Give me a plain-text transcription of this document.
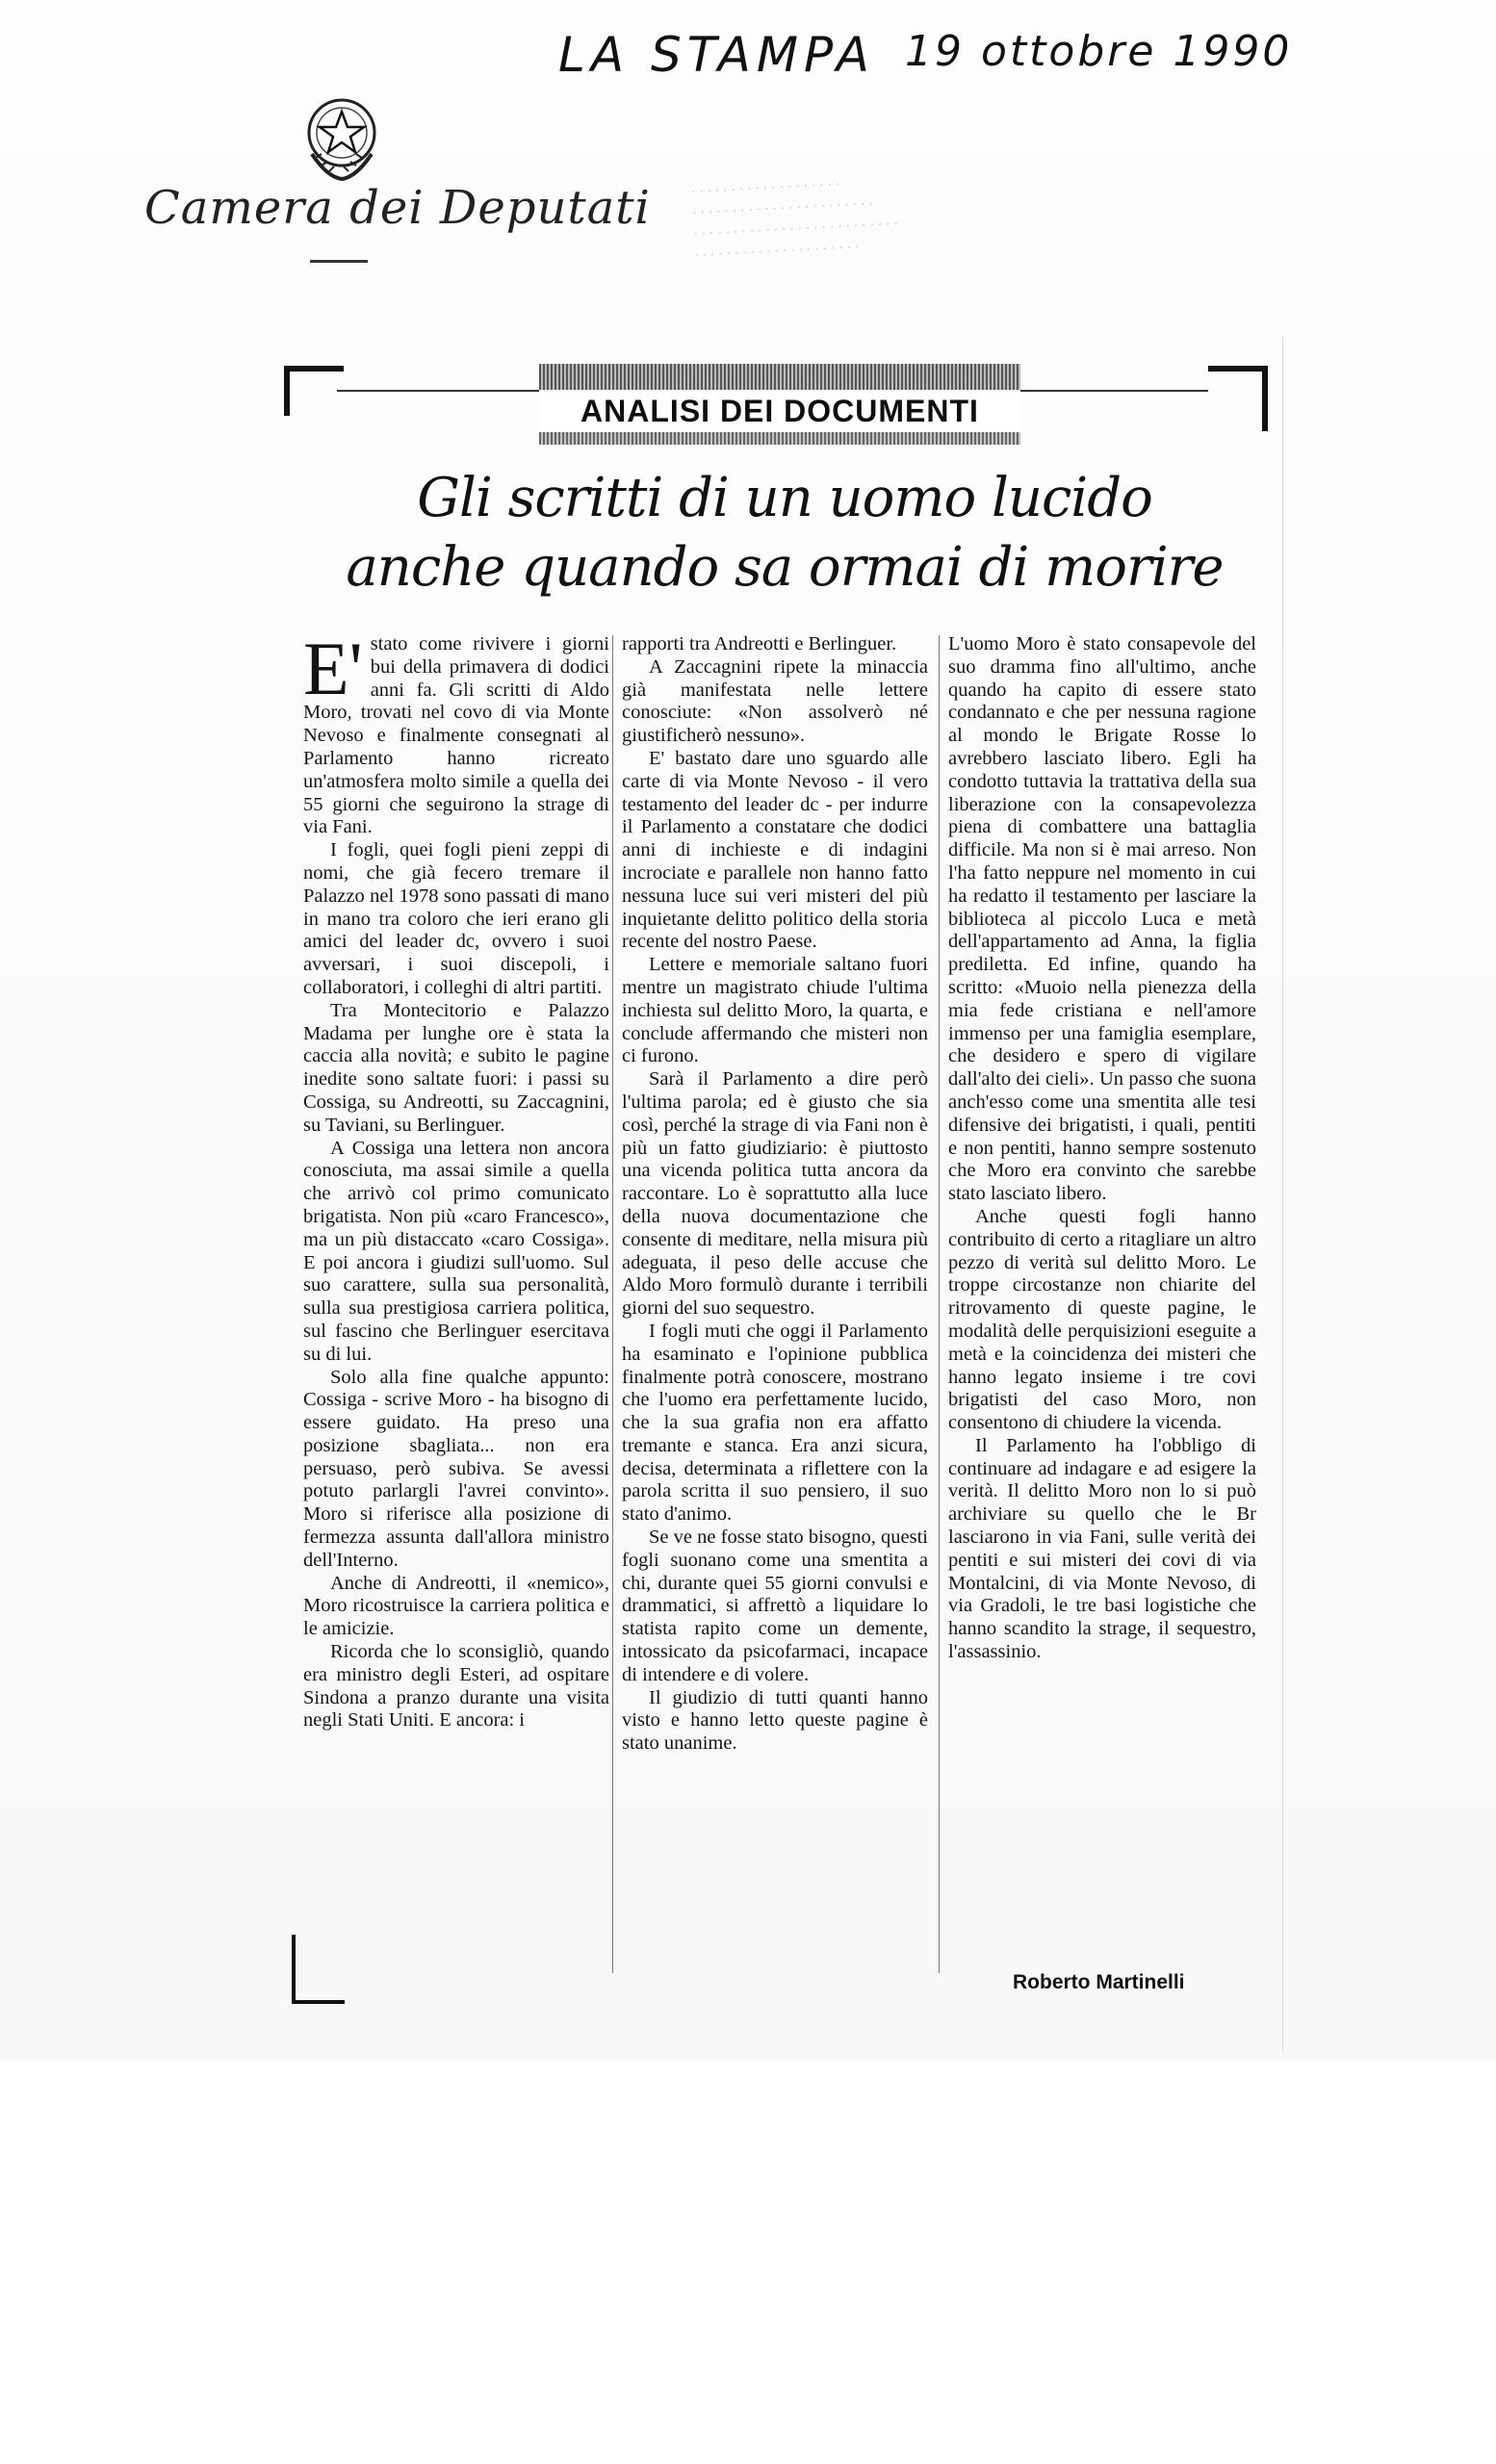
LA STAMPA 19 ottobre 1990
Camera dei Deputati	. . . . . . . . . . . . . . . . . . .
. . . . . . . . . . . . . . . . . . . . . . .
. . . . . . . . . . . . . . . . . . . . . . . . . .
. . . . . . . . . . . . . . . . . . . . .
ANALISI DEI DOCUMENTI
Gli scritti di un uomo lucido
anche quando sa ormai di morire

E' stato come rivivere i giorni bui della primavera di dodici anni fa. Gli scritti di Aldo Moro, trovati nel covo di via Monte Nevoso e finalmente consegnati al Parlamento hanno ricreato un'atmosfera molto simile a quella dei 55 giorni che seguirono la strage di via Fani.

I fogli, quei fogli pieni zeppi di nomi, che già fecero tremare il Palazzo nel 1978 sono passati di mano in mano tra coloro che ieri erano gli amici del leader dc, ovvero i suoi avversari, i suoi discepoli, i collaboratori, i colleghi di altri partiti.

Tra Montecitorio e Palazzo Madama per lunghe ore è stata la caccia alla novità; e subito le pagine inedite sono saltate fuori: i passi su Cossiga, su Andreotti, su Zaccagnini, su Taviani, su Berlinguer.

A Cossiga una lettera non ancora conosciuta, ma assai simile a quella che arrivò col primo comunicato brigatista. Non più «caro Francesco», ma un più distaccato «caro Cossiga». E poi ancora i giudizi sull'uomo. Sul suo carattere, sulla sua personalità, sulla sua prestigiosa carriera politica, sul fascino che Berlinguer esercitava su di lui.

Solo alla fine qualche appunto: Cossiga - scrive Moro - ha bisogno di essere guidato. Ha preso una posizione sbagliata... non era persuaso, però subiva. Se avessi potuto parlargli l'avrei convinto». Moro si riferisce alla posizione di fermezza assunta dall'allora ministro dell'Interno.

Anche di Andreotti, il «nemico», Moro ricostruisce la carriera politica e le amicizie.

Ricorda che lo sconsigliò, quando era ministro degli Esteri, ad ospitare Sindona a pranzo durante una visita negli Stati Uniti. E ancora: i

rapporti tra Andreotti e Berlinguer.

A Zaccagnini ripete la minaccia già manifestata nelle lettere conosciute: «Non assolverò né giustificherò nessuno».

E' bastato dare uno sguardo alle carte di via Monte Nevoso - il vero testamento del leader dc - per indurre il Parlamento a constatare che dodici anni di inchieste e di indagini incrociate e parallele non hanno fatto nessuna luce sui veri misteri del più inquietante delitto politico della storia recente del nostro Paese.

Lettere e memoriale saltano fuori mentre un magistrato chiude l'ultima inchiesta sul delitto Moro, la quarta, e conclude affermando che misteri non ci furono.

Sarà il Parlamento a dire però l'ultima parola; ed è giusto che sia così, perché la strage di via Fani non è più un fatto giudiziario: è piuttosto una vicenda politica tutta ancora da raccontare. Lo è soprattutto alla luce della nuova documentazione che consente di meditare, nella misura più adeguata, il peso delle accuse che Aldo Moro formulò durante i terribili giorni del suo sequestro.

I fogli muti che oggi il Parlamento ha esaminato e l'opinione pubblica finalmente potrà conoscere, mostrano che l'uomo era perfettamente lucido, che la sua grafia non era affatto tremante e stanca. Era anzi sicura, decisa, determinata a riflettere con la parola scritta il suo pensiero, il suo stato d'animo.

Se ve ne fosse stato bisogno, questi fogli suonano come una smentita a chi, durante quei 55 giorni convulsi e drammatici, si affrettò a liquidare lo statista rapito come un demente, intossicato da psicofarmaci, incapace di intendere e di volere.

Il giudizio di tutti quanti hanno visto e hanno letto queste pagine è stato unanime.

L'uomo Moro è stato consapevole del suo dramma fino all'ultimo, anche quando ha capito di essere stato condannato e che per nessuna ragione al mondo le Brigate Rosse lo avrebbero lasciato libero. Egli ha condotto tuttavia la trattativa della sua liberazione con la consapevolezza piena di combattere una battaglia difficile. Ma non si è mai arreso. Non l'ha fatto neppure nel momento in cui ha redatto il testamento per lasciare la biblioteca al piccolo Luca e metà dell'appartamento ad Anna, la figlia prediletta. Ed infine, quando ha scritto: «Muoio nella pienezza della mia fede cristiana e nell'amore immenso per una famiglia esemplare, che desidero e spero di vigilare dall'alto dei cieli». Un passo che suona anch'esso come una smentita alle tesi difensive dei brigatisti, i quali, pentiti e non pentiti, hanno sempre sostenuto che Moro era convinto che sarebbe stato lasciato libero.

Anche questi fogli hanno contribuito di certo a ritagliare un altro pezzo di verità sul delitto Moro. Le troppe circostanze non chiarite del ritrovamento di queste pagine, le modalità delle perquisizioni eseguite a metà e la coincidenza dei misteri che hanno legato insieme i tre covi brigatisti del caso Moro, non consentono di chiudere la vicenda.

Il Parlamento ha l'obbligo di continuare ad indagare e ad esigere la verità. Il delitto Moro non lo si può archiviare su quello che le Br lasciarono in via Fani, sulle verità dei pentiti e sui misteri dei covi di via Montalcini, di via Monte Nevoso, di via Gradoli, le tre basi logistiche che hanno scandito la strage, il sequestro, l'assassinio.

Roberto Martinelli
